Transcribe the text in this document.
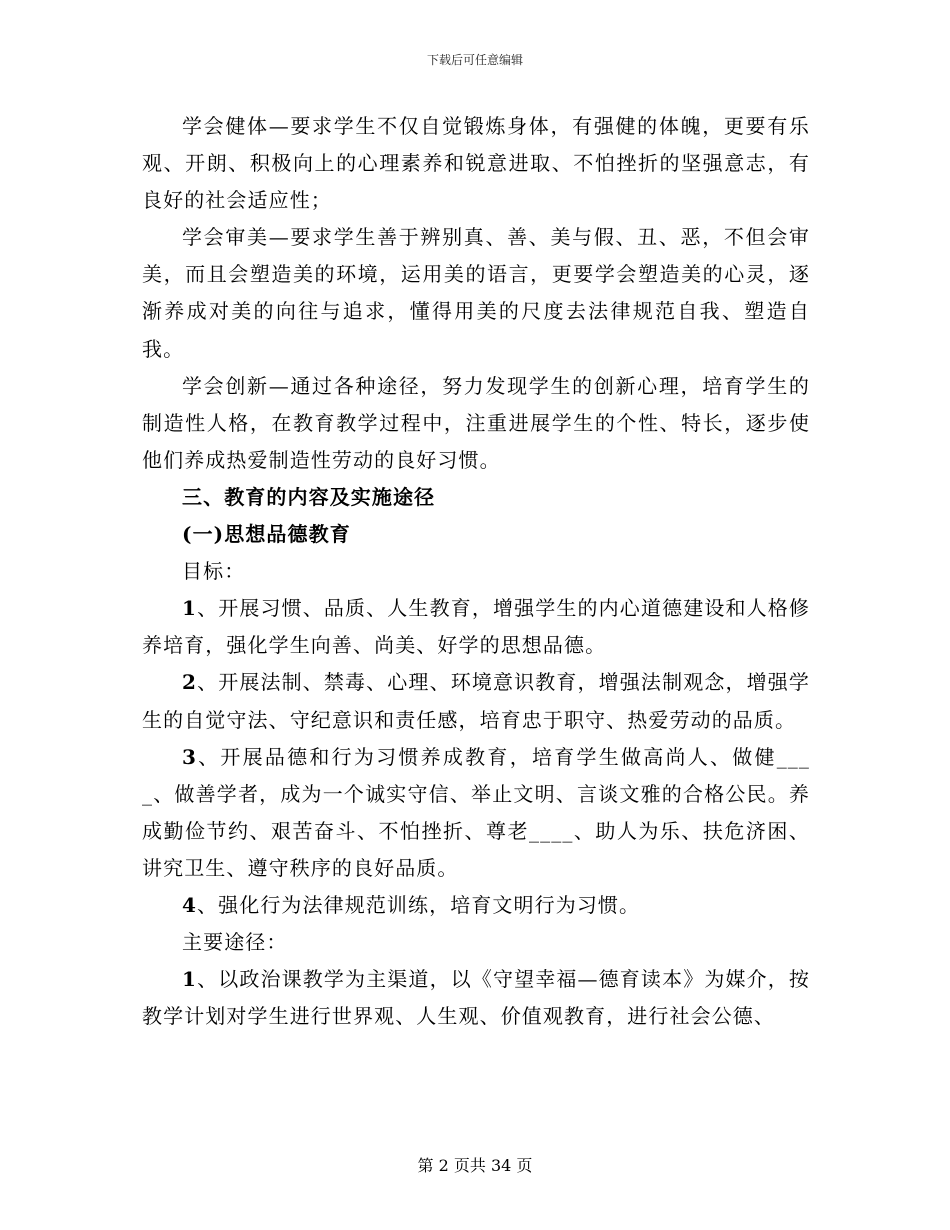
下载后可任意编辑

学会健体—要求学生不仅自觉锻炼身体，有强健的体魄，更要有乐观、开朗、积极向上的心理素养和锐意进取、不怕挫折的坚强意志，有良好的社会适应性；

学会审美—要求学生善于辨别真、善、美与假、丑、恶，不但会审美，而且会塑造美的环境，运用美的语言，更要学会塑造美的心灵，逐渐养成对美的向往与追求，懂得用美的尺度去法律规范自我、塑造自我。

学会创新—通过各种途径，努力发现学生的创新心理，培育学生的制造性人格，在教育教学过程中，注重进展学生的个性、特长，逐步使他们养成热爱制造性劳动的良好习惯。

三、教育的内容及实施途径

(一)思想品德教育

目标：

1、开展习惯、品质、人生教育，增强学生的内心道德建设和人格修养培育，强化学生向善、尚美、好学的思想品德。

2、开展法制、禁毒、心理、环境意识教育，增强法制观念，增强学生的自觉守法、守纪意识和责任感，培育忠于职守、热爱劳动的品质。

3、开展品德和行为习惯养成教育，培育学生做高尚人、做健____、做善学者，成为一个诚实守信、举止文明、言谈文雅的合格公民。养成勤俭节约、艰苦奋斗、不怕挫折、尊老____、助人为乐、扶危济困、讲究卫生、遵守秩序的良好品质。

4、强化行为法律规范训练，培育文明行为习惯。

主要途径：

1、以政治课教学为主渠道，以《守望幸福—德育读本》为媒介，按教学计划对学生进行世界观、人生观、价值观教育，进行社会公德、

第 2 页共 34 页
